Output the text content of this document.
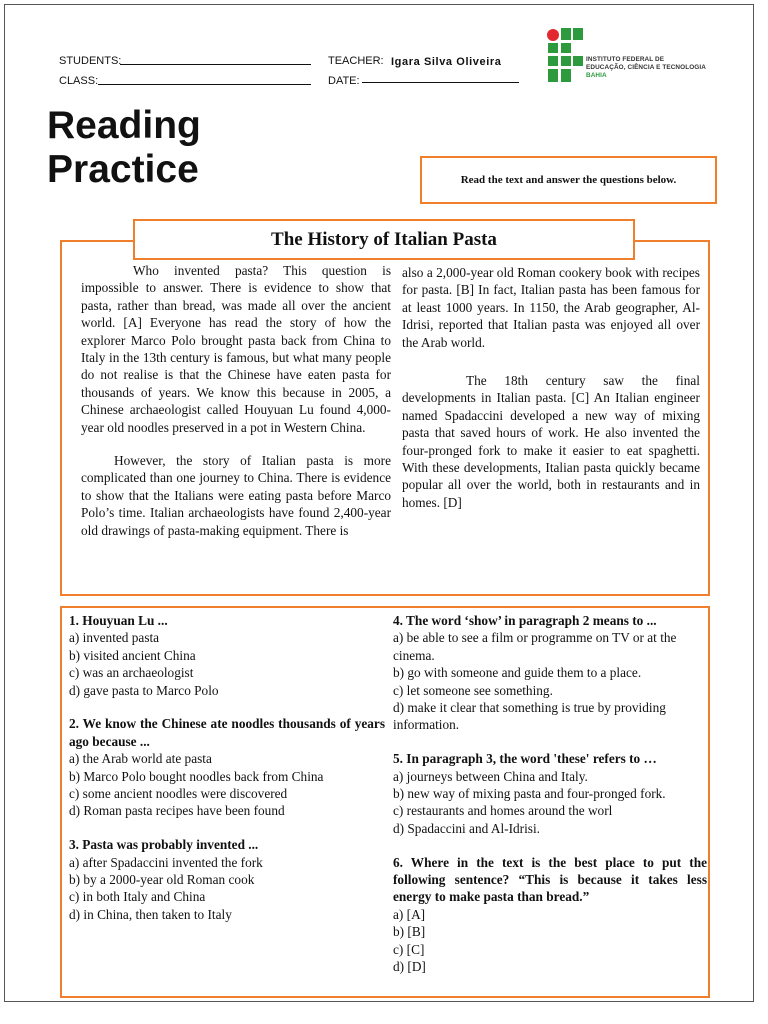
STUDENTS:
CLASS:
TEACHER: Igara Silva Oliveira
DATE:
INSTITUTO FEDERAL DE
EDUCAÇÃO, CIÊNCIA E TECNOLOGIA
BAHIA
Reading
Practice	Read the text and answer the questions below.
The History of Italian Pasta

Who invented pasta? This question is impossible to answer. There is evidence to show that pasta, rather than bread, was made all over the ancient world. [A] Everyone has read the story of how the explorer Marco Polo brought pasta back from China to Italy in the 13th century is famous, but what many people do not realise is that the Chinese have eaten pasta for thousands of years. We know this because in 2005, a Chinese archaeologist called Houyuan Lu found 4,000-year old noodles preserved in a pot in Western China.

However, the story of Italian pasta is more complicated than one journey to China. There is evidence to show that the Italians were eating pasta before Marco Polo’s time. Italian archaeologists have found 2,400-year old drawings of pasta-making equipment. There is

also a 2,000-year old Roman cookery book with recipes for pasta. [B] In fact, Italian pasta has been famous for at least 1000 years. In 1150, the Arab geographer, Al-Idrisi, reported that Italian pasta was enjoyed all over the Arab world.

The 18th century saw the final developments in Italian pasta. [C] An Italian engineer named Spadaccini developed a new way of mixing pasta that saved hours of work. He also invented the four-pronged fork to make it easier to eat spaghetti. With these developments, Italian pasta quickly became popular all over the world, both in restaurants and in homes. [D]

1. Houyuan Lu ...
a) invented pasta
b) visited ancient China
c) was an archaeologist
d) gave pasta to Marco Polo
2. We know the Chinese ate noodles thousands of years ago because ...
a) the Arab world ate pasta
b) Marco Polo bought noodles back from China
c) some ancient noodles were discovered
d) Roman pasta recipes have been found
3. Pasta was probably invented ...
a) after Spadaccini invented the fork
b) by a 2000-year old Roman cook
c) in both Italy and China
d) in China, then taken to Italy
4. The word ‘show’ in paragraph 2 means to ...
a) be able to see a film or programme on TV or at the cinema.
b) go with someone and guide them to a place.
c) let someone see something.
d) make it clear that something is true by providing information.
5. In paragraph 3, the word 'these' refers to …
a) journeys between China and Italy.
b) new way of mixing pasta and four-pronged fork.
c) restaurants and homes around the worl
d) Spadaccini and Al-Idrisi.
6. Where in the text is the best place to put the following sentence? “This is because it takes less energy to make pasta than bread.”
a) [A]
b) [B]
c) [C]
d) [D]
